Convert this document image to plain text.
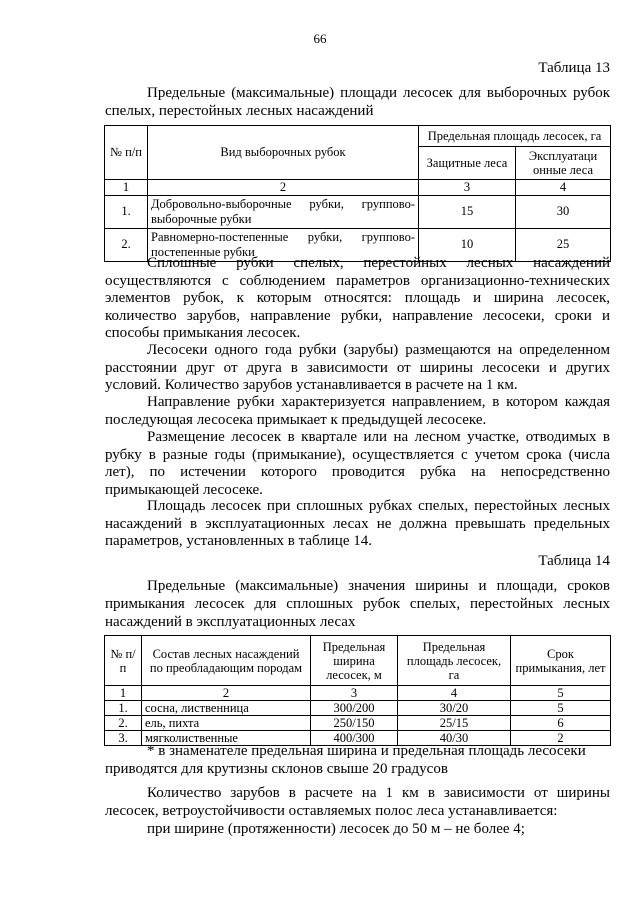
66
Таблица 13
Предельные (максимальные) площади лесосек для выборочных рубок спелых, перестойных лесных насаждений
№ п/п	Вид выборочных рубок	Предельная площадь лесосек, га	
		Защитные леса	Эксплуатаци онные леса
1	2	3	4
1.	Добровольно-выборочные рубки, группово-выборочные рубки	15	30
2.	Равномерно-постепенные рубки, группово-постепенные рубки	10	25
Сплошные рубки спелых, перестойных лесных насаждений осуществляются с соблюдением параметров организационно-технических элементов рубок, к которым относятся: площадь и ширина лесосек, количество зарубов, направление рубки, направление лесосеки, сроки и способы примыкания лесосек.
Лесосеки одного года рубки (зарубы) размещаются на определенном расстоянии друг от друга в зависимости от ширины лесосеки и других условий. Количество зарубов устанавливается в расчете на 1 км.
Направление рубки характеризуется направлением, в котором каждая последующая лесосека примыкает к предыдущей лесосеке.
Размещение лесосек в квартале или на лесном участке, отводимых в рубку в разные годы (примыкание), осуществляется с учетом срока (числа лет), по истечении которого проводится рубка на непосредственно примыкающей лесосеке.
Площадь лесосек при сплошных рубках спелых, перестойных лесных насаждений в эксплуатационных лесах не должна превышать предельных параметров, установленных в таблице 14.
Таблица 14
Предельные (максимальные) значения ширины и площади, сроков примыкания лесосек для сплошных рубок спелых, перестойных лесных насаждений в эксплуатационных лесах
№ п/п	Состав лесных насаждений по преобладающим породам	Предельная ширина лесосек, м	Предельная площадь лесосек, га	Срок примыкания, лет
1	2	3	4	5
1.	сосна, лиственница	300/200	30/20	5
2.	ель, пихта	250/150	25/15	6
3.	мягколиственные	400/300	40/30	2
* в знаменателе предельная ширина и предельная площадь лесосеки
приводятся для крутизны склонов свыше 20 градусов
Количество зарубов в расчете на 1 км в зависимости от ширины лесосек, ветроустойчивости оставляемых полос леса устанавливается:
при ширине (протяженности) лесосек до 50 м – не более 4;
